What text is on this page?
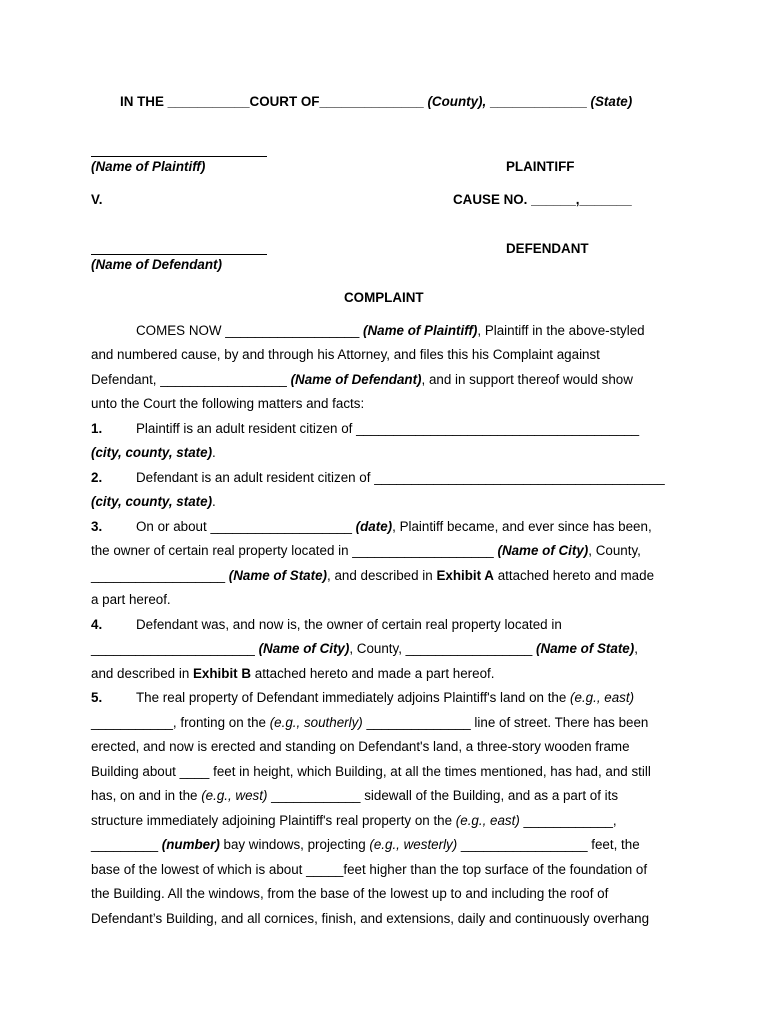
IN THE ___________COURT OF______________ (County), _____________ (State)
(Name of Plaintiff)	PLAINTIFF
V.	CAUSE NO. ______,_______
DEFENDANT
(Name of Defendant)
COMPLAINT
COMES NOW __________________ (Name of Plaintiff), Plaintiff in the above-styled
and numbered cause, by and through his Attorney, and files this his Complaint against
Defendant, _________________ (Name of Defendant), and in support thereof would show
unto the Court the following matters and facts:
1.	Plaintiff is an adult resident citizen of ______________________________________
(city, county, state).
2.	Defendant is an adult resident citizen of _______________________________________
(city, county, state).
3.	On or about ___________________ (date), Plaintiff became, and ever since has been,
the owner of certain real property located in ___________________ (Name of City), County,
__________________ (Name of State), and described in Exhibit A attached hereto and made
a part hereof.
4.	Defendant was, and now is, the owner of certain real property located in
______________________ (Name of City), County, _________________ (Name of State),
and described in Exhibit B attached hereto and made a part hereof.
5.	The real property of Defendant immediately adjoins Plaintiff's land on the (e.g., east)
___________, fronting on the (e.g., southerly) ______________ line of street. There has been
erected, and now is erected and standing on Defendant's land, a three-story wooden frame
Building about ____ feet in height, which Building, at all the times mentioned, has had, and still
has, on and in the (e.g., west) ____________ sidewall of the Building, and as a part of its
structure immediately adjoining Plaintiff's real property on the (e.g., east) ____________,
_________ (number) bay windows, projecting (e.g., westerly) _________________ feet, the
base of the lowest of which is about _____feet higher than the top surface of the foundation of
the Building. All the windows, from the base of the lowest up to and including the roof of
Defendant’s Building, and all cornices, finish, and extensions, daily and continuously overhang
